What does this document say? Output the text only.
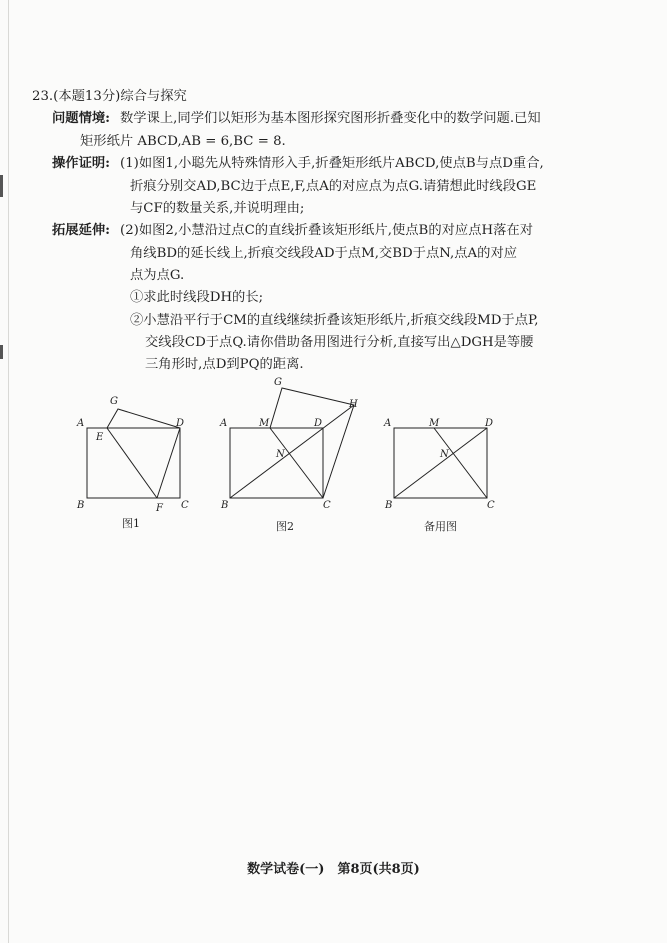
23.(本题13分)综合与探究
问题情境: 数学课上,同学们以矩形为基本图形探究图形折叠变化中的数学问题.已知
矩形纸片 ABCD,AB = 6,BC = 8.
操作证明: (1)如图1,小聪先从特殊情形入手,折叠矩形纸片ABCD,使点B与点D重合,
折痕分别交AD,BC边于点E,F,点A的对应点为点G.请猜想此时线段GE
与CF的数量关系,并说明理由;
拓展延伸: (2)如图2,小慧沿过点C的直线折叠该矩形纸片,使点B的对应点H落在对
角线BD的延长线上,折痕交线段AD于点M,交BD于点N,点A的对应
点为点G.
①求此时线段DH的长;
②小慧沿平行于CM的直线继续折叠该矩形纸片,折痕交线段MD于点P,
交线段CD于点Q.请你借助备用图进行分析,直接写出△DGH是等腰
三角形时,点D到PQ的距离.
A
E
G
D
B	F C
A	M
G
D
H
N
B	C
A	M	D
N
B	C
图1	图2	备用图
数学试卷(一)　第8页(共8页)
